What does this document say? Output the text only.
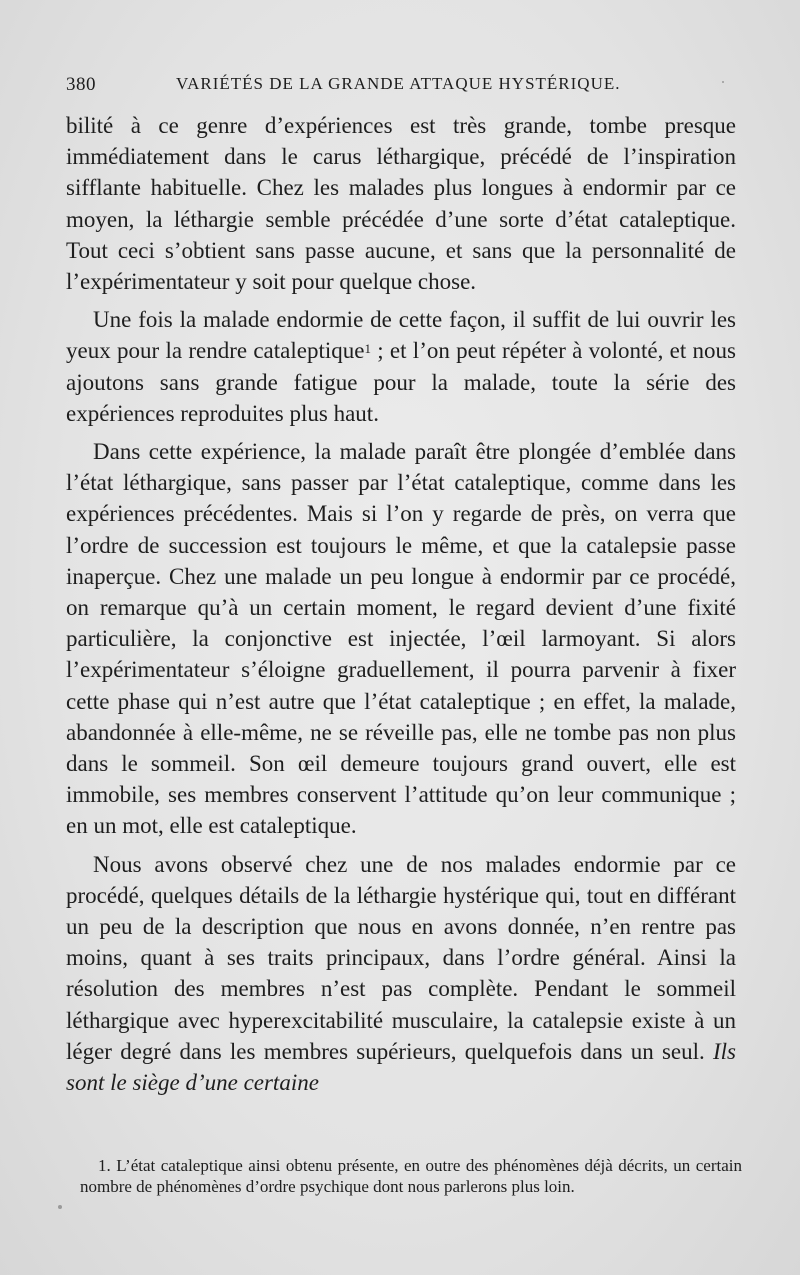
380	VARIÉTÉS DE LA GRANDE ATTAQUE HYSTÉRIQUE.

bilité à ce genre d’expériences est très grande, tombe presque immédiatement dans le carus léthargique, précédé de l’inspiration sifflante habituelle. Chez les malades plus longues à endormir par ce moyen, la léthargie semble précédée d’une sorte d’état cataleptique. Tout ceci s’obtient sans passe aucune, et sans que la personnalité de l’expérimentateur y soit pour quelque chose.

Une fois la malade endormie de cette façon, il suffit de lui ouvrir les yeux pour la rendre cataleptique$^1$ ; et l’on peut répéter à volonté, et nous ajoutons sans grande fatigue pour la malade, toute la série des expériences reproduites plus haut.

Dans cette expérience, la malade paraît être plongée d’emblée dans l’état léthargique, sans passer par l’état cataleptique, comme dans les expériences précédentes. Mais si l’on y regarde de près, on verra que l’ordre de succession est toujours le même, et que la catalepsie passe inaperçue. Chez une malade un peu longue à endormir par ce procédé, on remarque qu’à un certain moment, le regard devient d’une fixité particulière, la conjonctive est injectée, l’œil larmoyant. Si alors l’expérimentateur s’éloigne graduellement, il pourra parvenir à fixer cette phase qui n’est autre que l’état cataleptique ; en effet, la malade, abandonnée à elle-même, ne se réveille pas, elle ne tombe pas non plus dans le sommeil. Son œil demeure toujours grand ouvert, elle est immobile, ses membres conservent l’attitude qu’on leur communique ; en un mot, elle est cataleptique.

Nous avons observé chez une de nos malades endormie par ce procédé, quelques détails de la léthargie hystérique qui, tout en différant un peu de la description que nous en avons donnée, n’en rentre pas moins, quant à ses traits principaux, dans l’ordre général. Ainsi la résolution des membres n’est pas complète. Pendant le sommeil léthargique avec hyperexcitabilité musculaire, la catalepsie existe à un léger degré dans les membres supérieurs, quelquefois dans un seul. Ils sont le siège d’une certaine

1. L’état cataleptique ainsi obtenu présente, en outre des phénomènes déjà décrits, un certain nombre de phénomènes d’ordre psychique dont nous parlerons plus loin.
